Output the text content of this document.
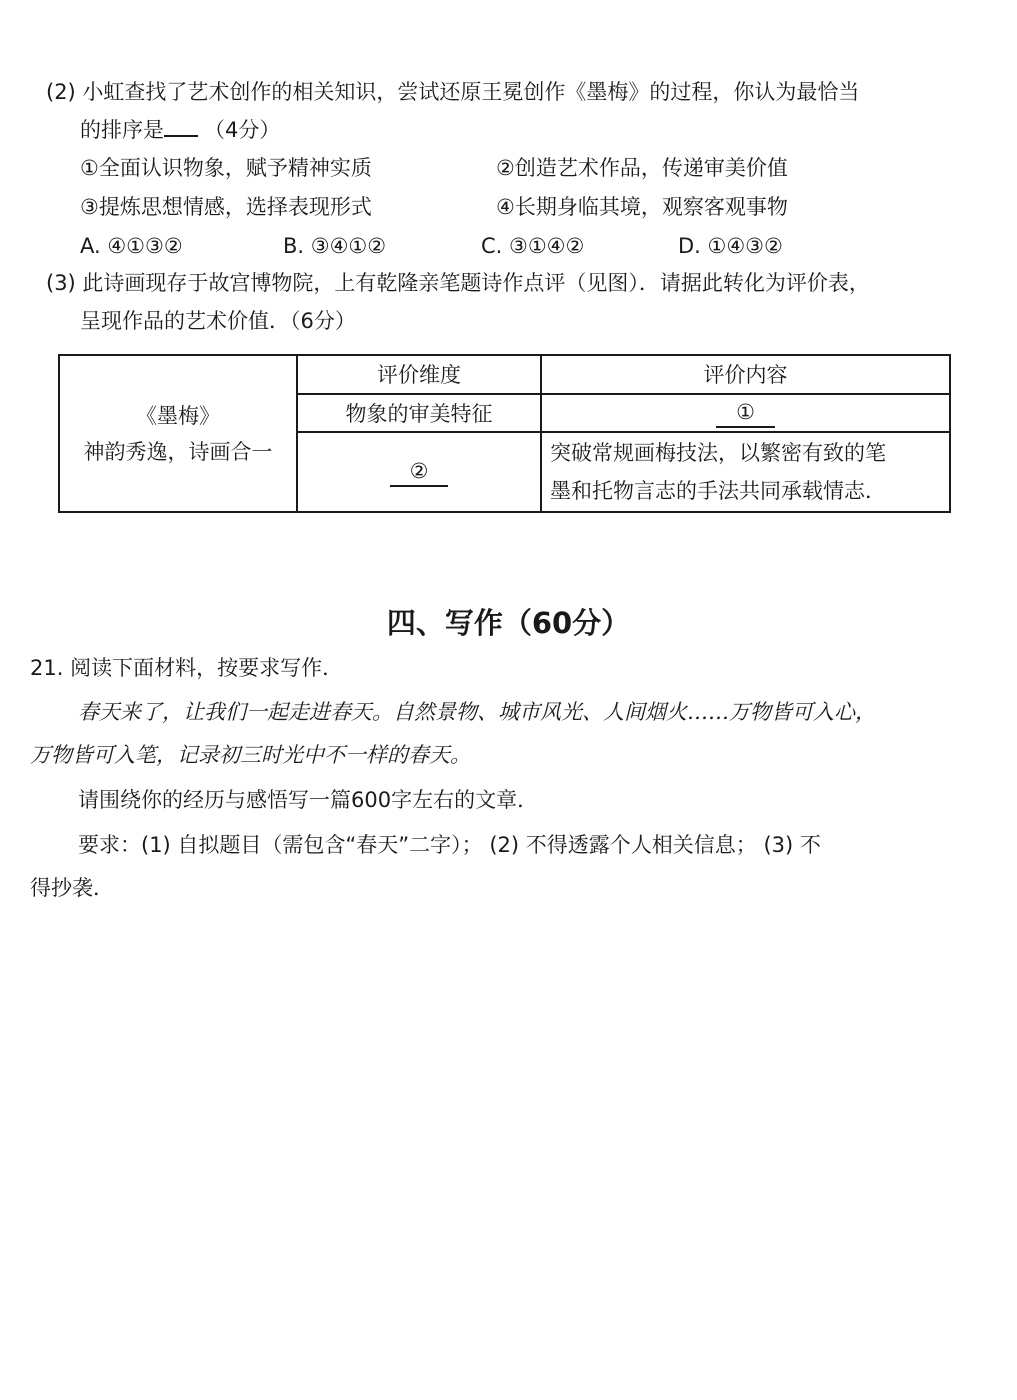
(2) 小虹查找了艺术创作的相关知识，尝试还原王冕创作《墨梅》的过程，你认为最恰当
的排序是 （4分）
①全面认识物象，赋予精神实质	②创造艺术作品，传递审美价值
③提炼思想情感，选择表现形式	④长期身临其境，观察客观事物
A. ④①③②	B. ③④①②	C. ③①④②	D. ①④③②
(3) 此诗画现存于故宫博物院，上有乾隆亲笔题诗作点评（见图）．请据此转化为评价表，
呈现作品的艺术价值．（6分）
《墨梅》
神韵秀逸，诗画合一	评价维度	评价内容
	物象的审美特征	①
	②	突破常规画梅技法，以繁密有致的笔
墨和托物言志的手法共同承载情志．
四、写作（60分）
21. 阅读下面材料，按要求写作．
春天来了，让我们一起走进春天。自然景物、城市风光、人间烟火……万物皆可入心，
万物皆可入笔，记录初三时光中不一样的春天。
请围绕你的经历与感悟写一篇600字左右的文章．
要求：(1) 自拟题目（需包含“春天”二字）； (2) 不得透露个人相关信息； (3) 不
得抄袭．
